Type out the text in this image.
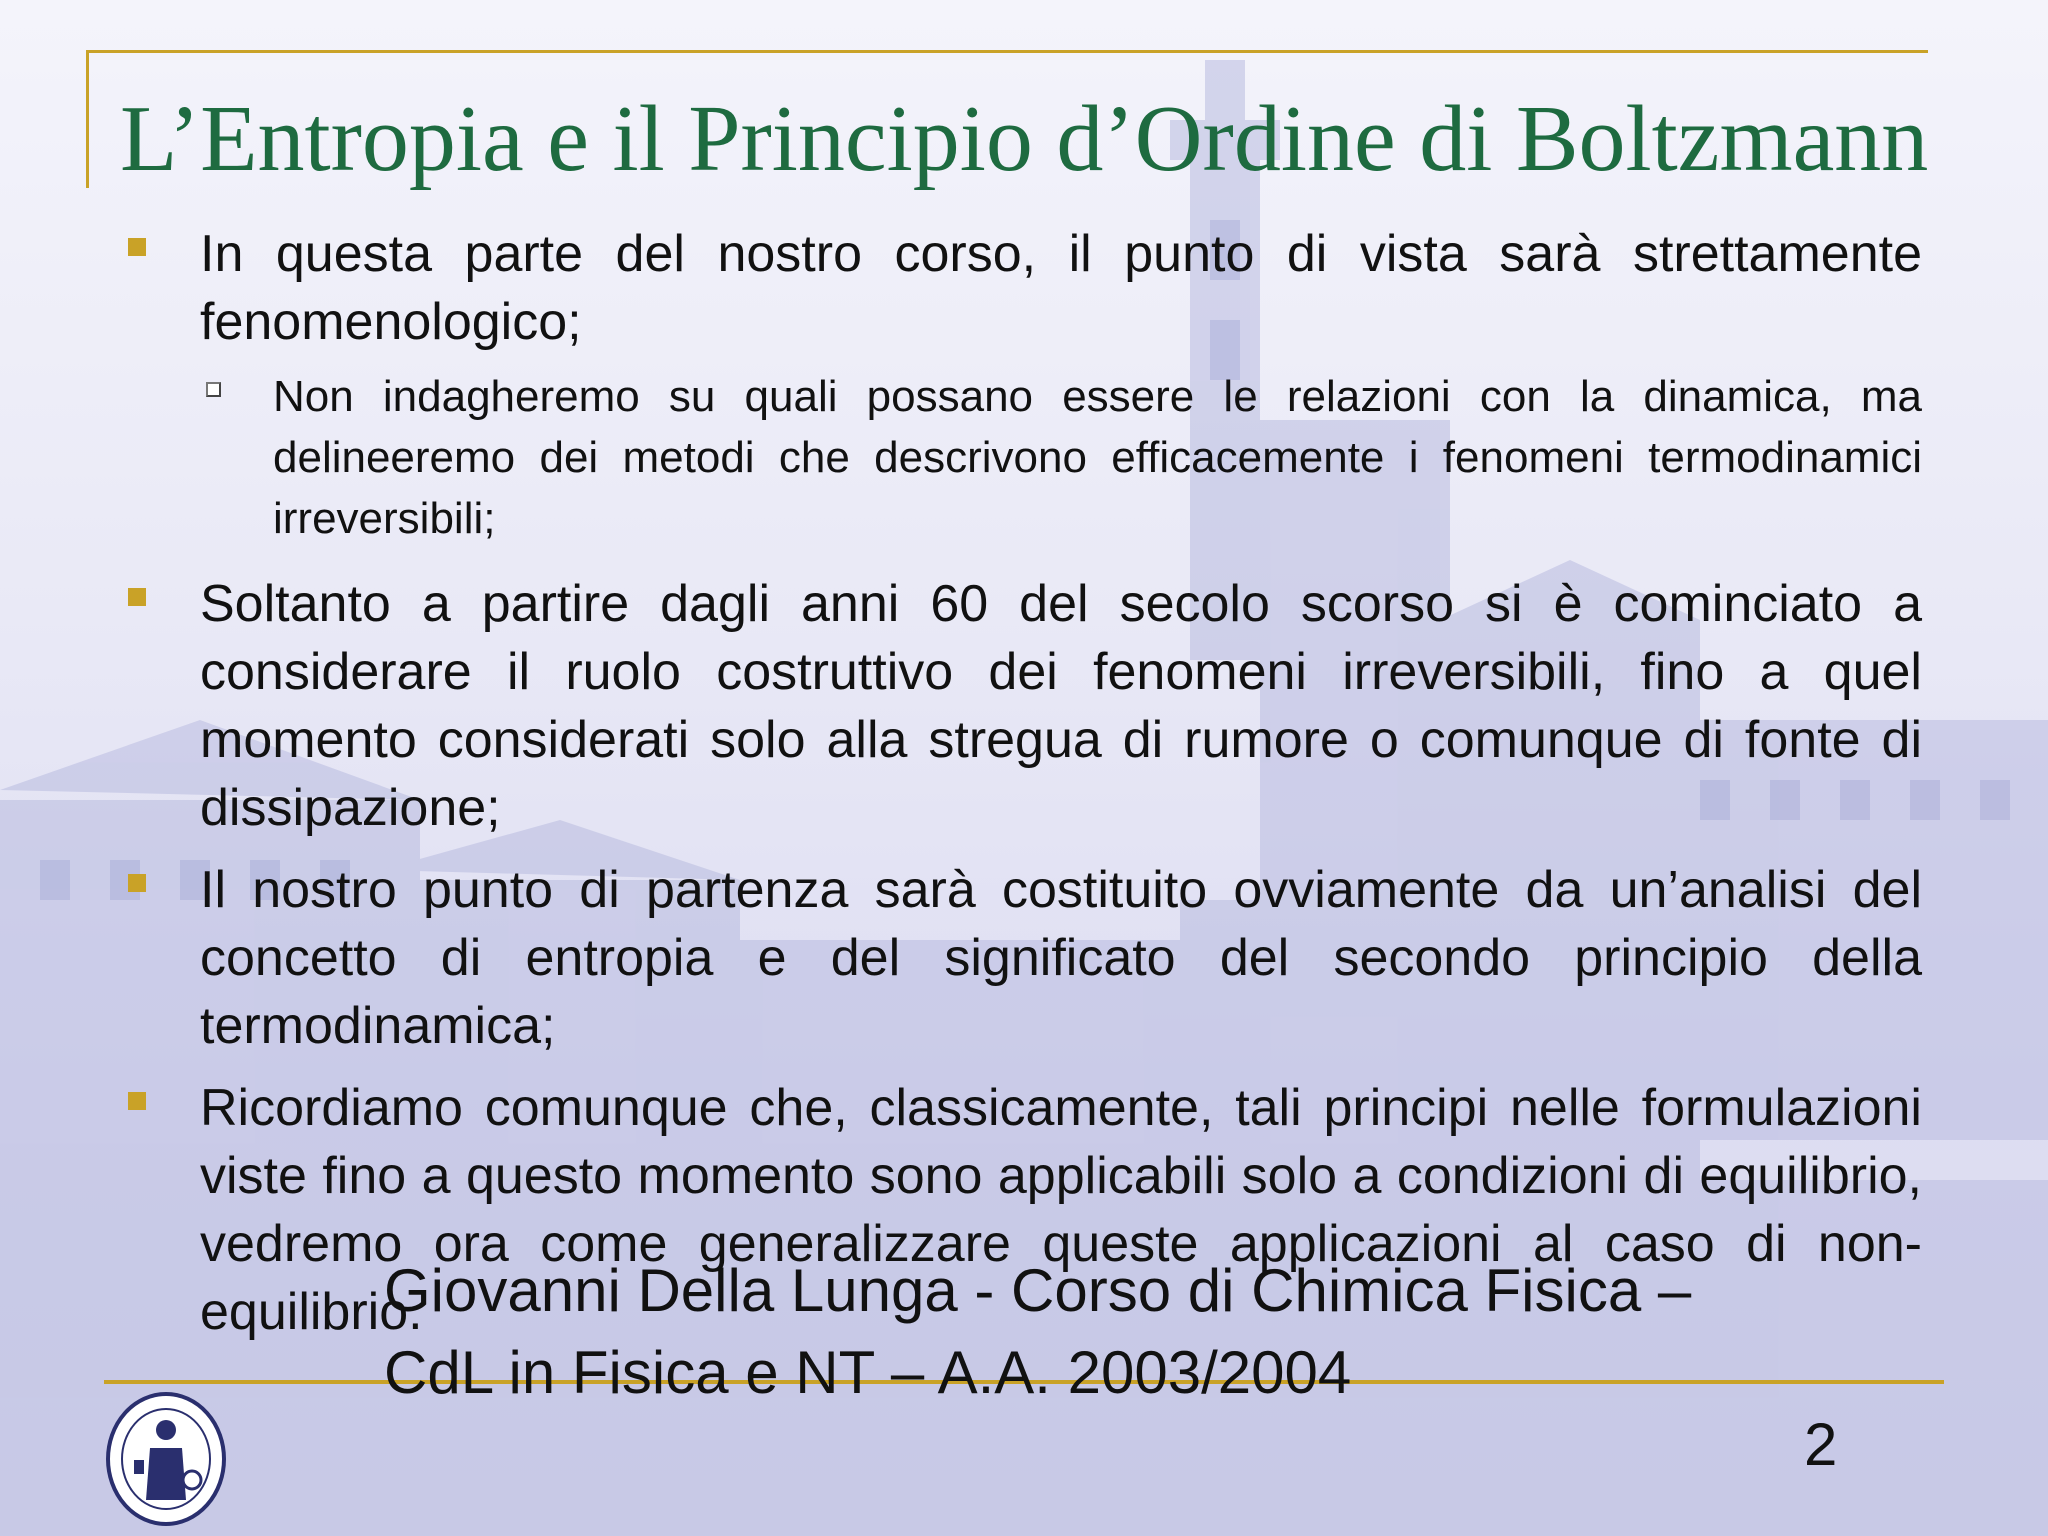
L’Entropia e il Principio d’Ordine di Boltzmann
In questa parte del nostro corso, il punto di vista sarà strettamente fenomenologico;
Non indagheremo su quali possano essere le relazioni con la dinamica, ma delineeremo dei metodi che descrivono efficacemente i fenomeni termodinamici irreversibili;
Soltanto a partire dagli anni 60 del secolo scorso si è cominciato a considerare il ruolo costruttivo dei fenomeni irreversibili, fino a quel momento considerati solo alla stregua di rumore o comunque di fonte di dissipazione;
Il nostro punto di partenza sarà costituito ovviamente da un’analisi del concetto di entropia e del significato del secondo principio della termodinamica;
Ricordiamo comunque che, classicamente, tali principi nelle formulazioni viste fino a questo momento sono applicabili solo a condizioni di equilibrio, vedremo ora come generalizzare queste applicazioni al caso di non-equilibrio.
Giovanni Della Lunga - Corso di Chimica Fisica – CdL in Fisica e NT – A.A. 2003/2004
2
